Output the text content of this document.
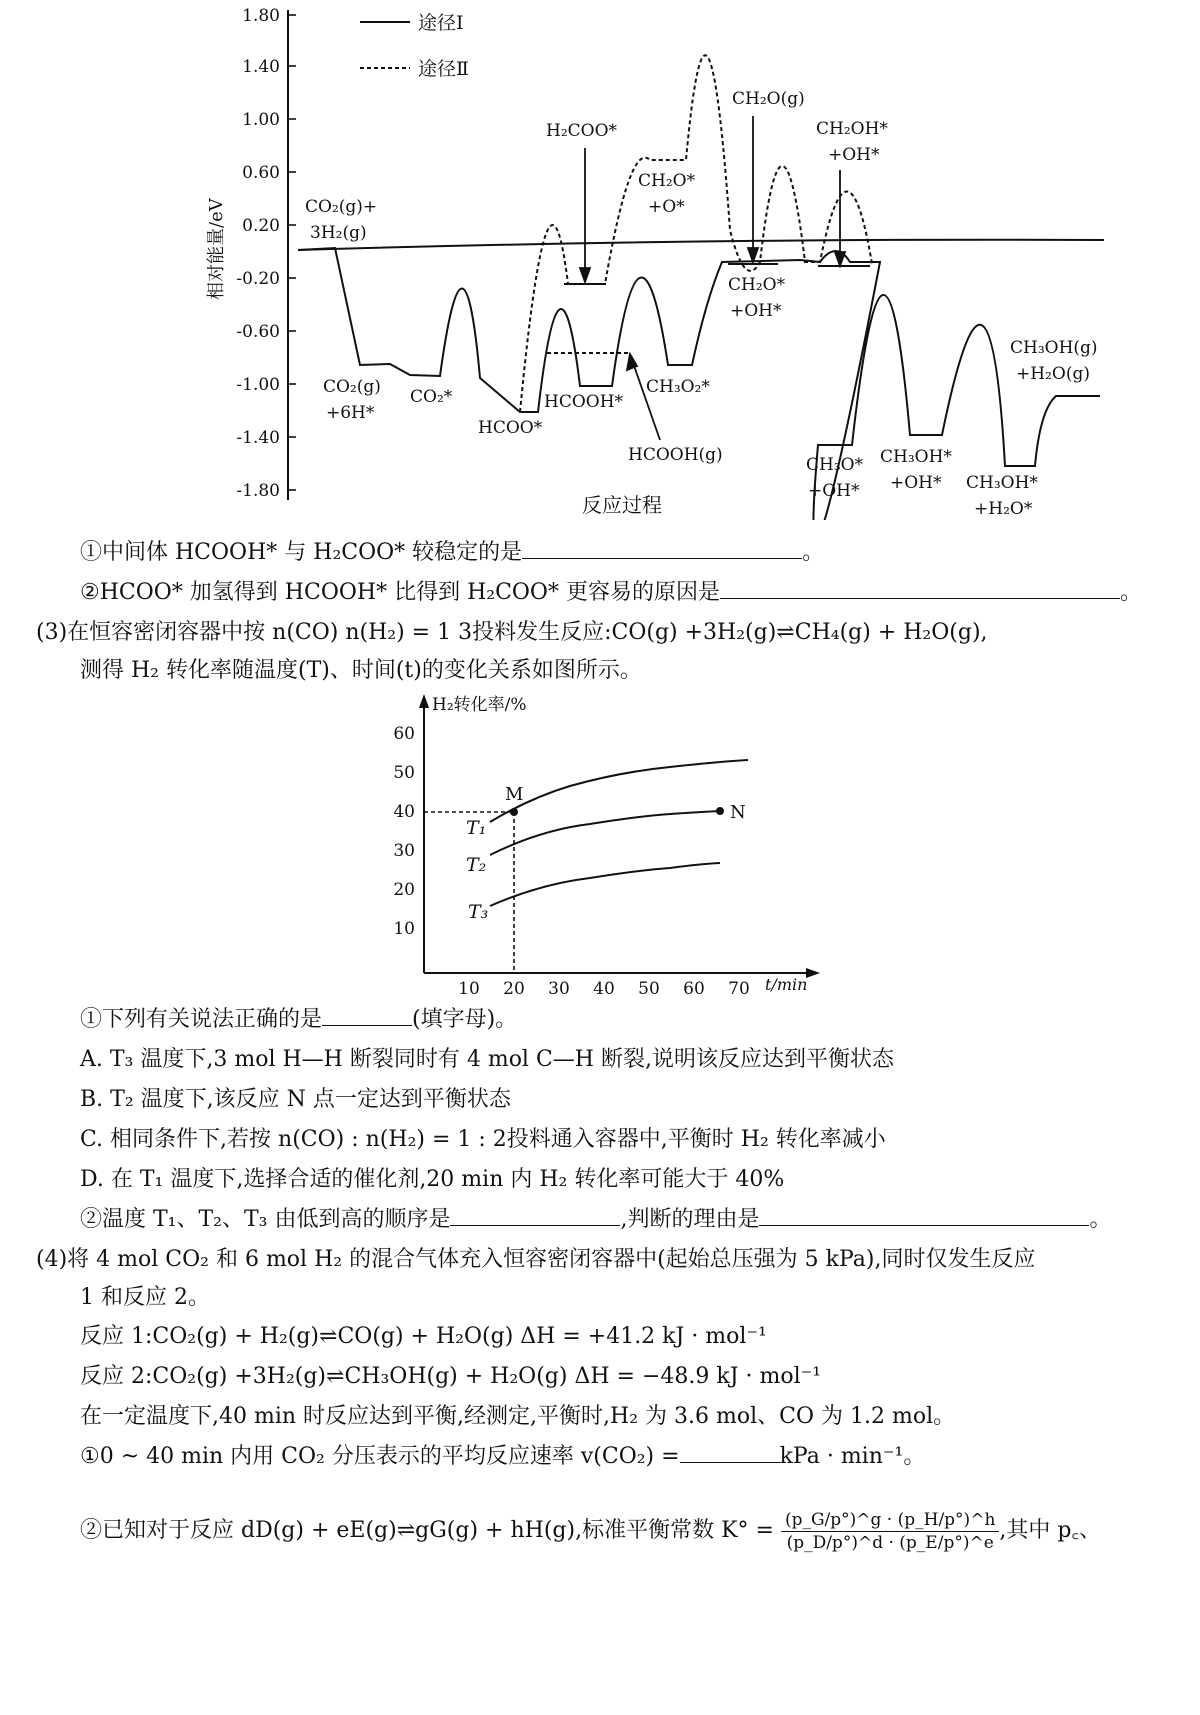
1.80
1.40
1.00
0.60
0.20
-0.20
-0.60
-1.00
-1.40
-1.80
相对能量/eV
反应过程
途径Ⅰ
途径Ⅱ
CO₂(g)+
3H₂(g)
CO₂(g)
+6H*
CO₂*
HCOO*
H₂COO*
HCOOH*
HCOOH(g)
CH₂O*
+O*
CH₃O₂*
CH₂O(g)
CH₂O*
+OH*
CH₂OH*
+OH*
CH₃O*
+OH*
CH₃OH*
+OH* CH₃OH*
+H₂O*
CH₃OH(g)
+H₂O(g)
①中间体 HCOOH* 与 H₂COO* 较稳定的是	。
②HCOO* 加氢得到 HCOOH* 比得到 H₂COO* 更容易的原因是	。
(3)在恒容密闭容器中按 n(CO) n(H₂) = 1 3投料发生反应:CO(g) +3H₂(g)⇌CH₄(g) + H₂O(g),
测得 H₂ 转化率随温度(T)、时间(t)的变化关系如图所示。
H₂转化率/%
t/min
60
50
40
30
20
10
10 20 30 40 50 60 70
M
N
T₁
T₂
T₃
①下列有关说法正确的是	(填字母)。
A. T₃ 温度下,3 mol H—H 断裂同时有 4 mol C—H 断裂,说明该反应达到平衡状态
B. T₂ 温度下,该反应 N 点一定达到平衡状态
C. 相同条件下,若按 n(CO) : n(H₂) = 1 : 2投料通入容器中,平衡时 H₂ 转化率减小
D. 在 T₁ 温度下,选择合适的催化剂,20 min 内 H₂ 转化率可能大于 40%
②温度 T₁、T₂、T₃ 由低到高的顺序是	,判断的理由是	。
(4)将 4 mol CO₂ 和 6 mol H₂ 的混合气体充入恒容密闭容器中(起始总压强为 5 kPa),同时仅发生反应
1 和反应 2。
反应 1:CO₂(g) + H₂(g)⇌CO(g) + H₂O(g) ΔH = +41.2 kJ · mol⁻¹
反应 2:CO₂(g) +3H₂(g)⇌CH₃OH(g) + H₂O(g) ΔH = −48.9 kJ · mol⁻¹
在一定温度下,40 min 时反应达到平衡,经测定,平衡时,H₂ 为 3.6 mol、CO 为 1.2 mol。
①0 ~ 40 min 内用 CO₂ 分压表示的平均反应速率 v(CO₂) =	kPa · min⁻¹。
②已知对于反应 dD(g) + eE(g)⇌gG(g) + hH(g),标准平衡常数 $K^\circ = \frac{(p\_G/p^\circ)\^{}g \cdot (p\_H/p^\circ)\^{}h}{(p\_D/p^\circ)\^{}d \cdot (p\_E/p^\circ)\^{}e}$ ,其中 p꜀、
